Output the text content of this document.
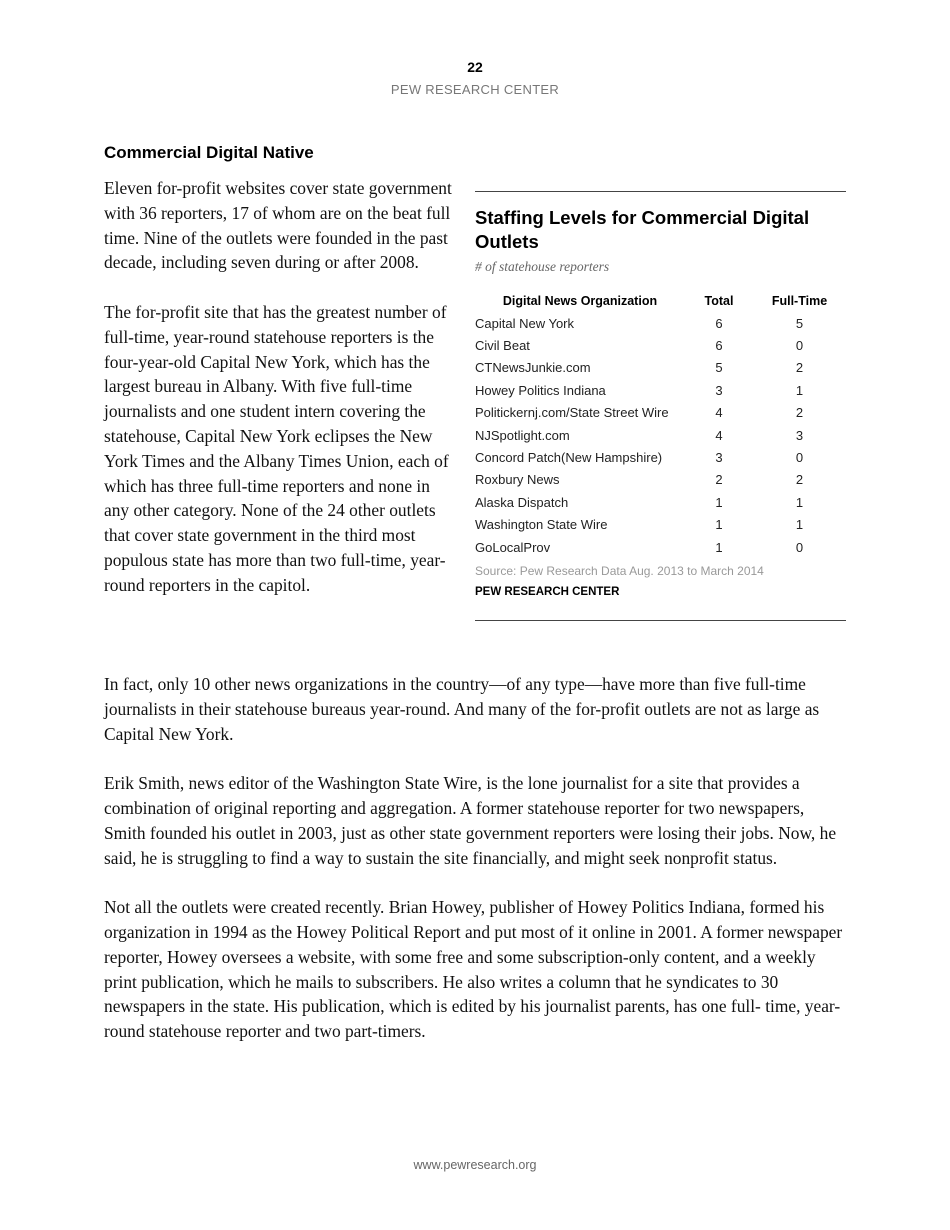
22
PEW RESEARCH CENTER
Commercial Digital Native

Eleven for-profit websites cover state government with 36 reporters, 17 of whom are on the beat full time. Nine of the outlets were founded in the past decade, including seven during or after 2008.

The for-profit site that has the greatest number of full-time, year-round statehouse reporters is the four-year-old Capital New York, which has the largest bureau in Albany. With five full-time journalists and one student intern covering the statehouse, Capital New York eclipses the New York Times and the Albany Times Union, each of which has three full-time reporters and none in any other category. None of the 24 other outlets that cover state government in the third most populous state has more than two full-time, year-round reporters in the capitol.

Staffing Levels for Commercial Digital Outlets
# of statehouse reporters
Digital News Organization	Total	Full-Time
Capital New York	6	5
Civil Beat	6	0
CTNewsJunkie.com	5	2
Howey Politics Indiana	3	1
Politickernj.com/State Street Wire	4	2
NJSpotlight.com	4	3
Concord Patch(New Hampshire)	3	0
Roxbury News	2	2
Alaska Dispatch	1	1
Washington State Wire	1	1
GoLocalProv	1	0
Source: Pew Research Data Aug. 2013 to March 2014
PEW RESEARCH CENTER

In fact, only 10 other news organizations in the country—of any type—have more than five full-time journalists in their statehouse bureaus year-round. And many of the for-profit outlets are not as large as Capital New York.

Erik Smith, news editor of the Washington State Wire, is the lone journalist for a site that provides a combination of original reporting and aggregation. A former statehouse reporter for two newspapers, Smith founded his outlet in 2003, just as other state government reporters were losing their jobs. Now, he said, he is struggling to find a way to sustain the site financially, and might seek nonprofit status.

Not all the outlets were created recently. Brian Howey, publisher of Howey Politics Indiana, formed his organization in 1994 as the Howey Political Report and put most of it online in 2001. A former newspaper reporter, Howey oversees a website, with some free and some subscription-only content, and a weekly print publication, which he mails to subscribers. He also writes a column that he syndicates to 30 newspapers in the state. His publication, which is edited by his journalist parents, has one full- time, year-round statehouse reporter and two part-timers.

www.pewresearch.org
